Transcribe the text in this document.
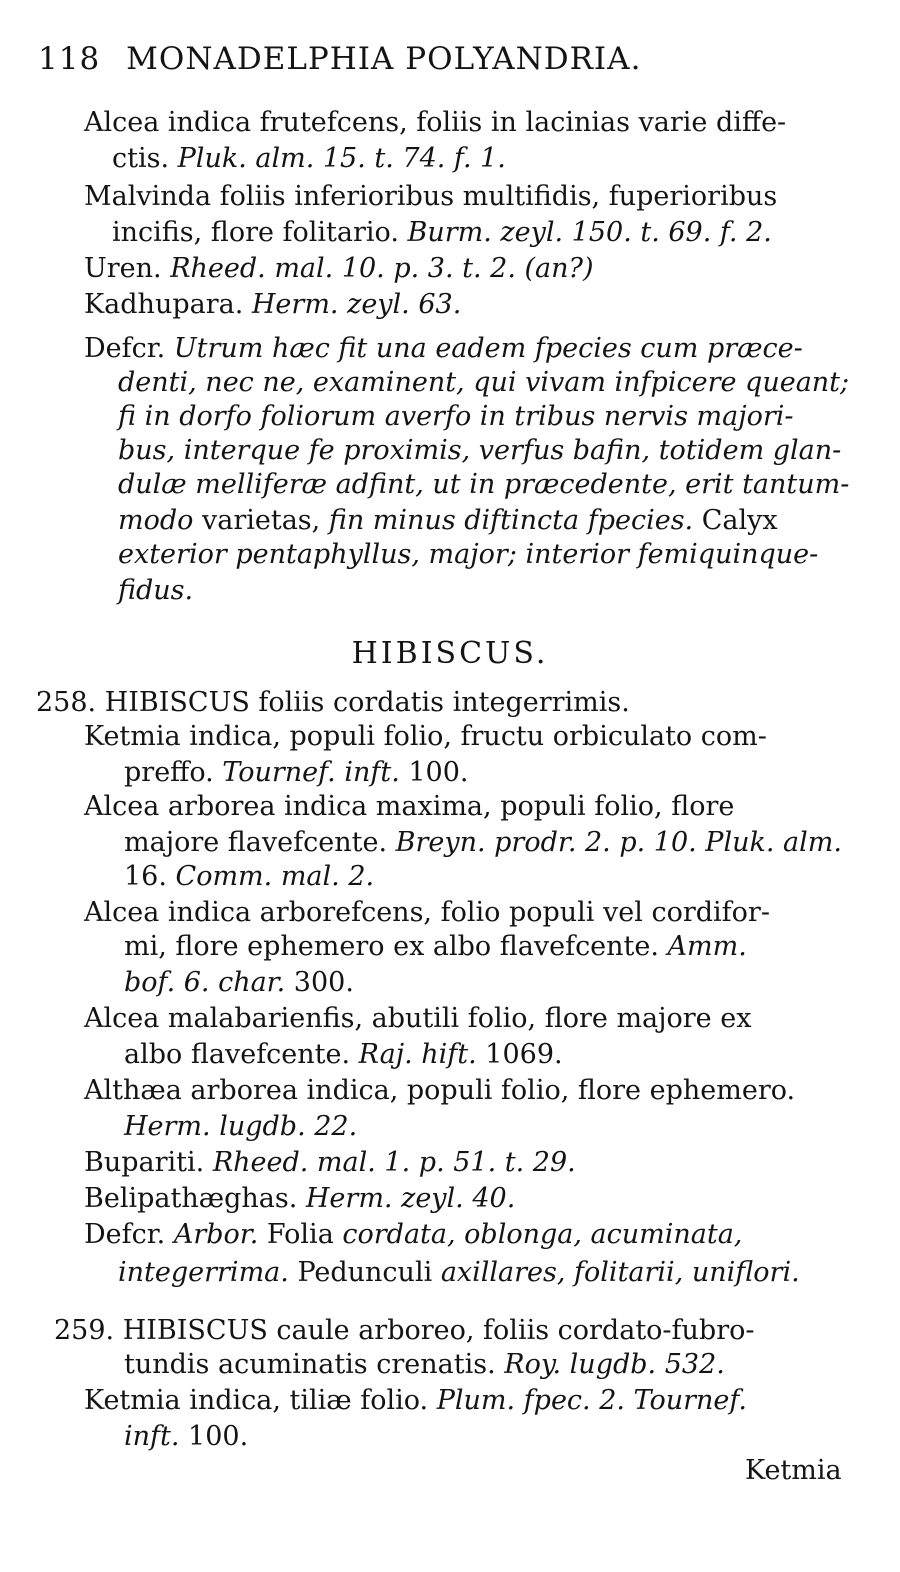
118 MONADELPHIA POLYANDRIA.
Alcea indica frutefcens, foliis in lacinias varie diffe-
ctis. Pluk. alm. 15. t. 74. f. 1.
Malvinda foliis inferioribus multifidis, fuperioribus
incifis, flore folitario. Burm. zeyl. 150. t. 69. f. 2.
Uren. Rheed. mal. 10. p. 3. t. 2. (an?)
Kadhupara. Herm. zeyl. 63.
Defcr. Utrum hæc fit una eadem fpecies cum præce-
denti, nec ne, examinent, qui vivam infpicere queant;
fi in dorfo foliorum averfo in tribus nervis majori-
bus, interque fe proximis, verfus bafin, totidem glan-
dulæ melliferæ adfint, ut in præcedente, erit tantum-
modo varietas, fin minus diftincta fpecies. Calyx
exterior pentaphyllus, major; interior femiquinque-
fidus.
258. HIBISCUS foliis cordatis integerrimis.
Ketmia indica, populi folio, fructu orbiculato com-
preffo. Tournef. inft. 100.
Alcea arborea indica maxima, populi folio, flore
majore flavefcente. Breyn. prodr. 2. p. 10. Pluk. alm.
16. Comm. mal. 2.
Alcea indica arborefcens, folio populi vel cordifor-
mi, flore ephemero ex albo flavefcente. Amm.
bof. 6. char. 300.
Alcea malabarienfis, abutili folio, flore majore ex
albo flavefcente. Raj. hift. 1069.
Althæa arborea indica, populi folio, flore ephemero.
Herm. lugdb. 22.
Bupariti. Rheed. mal. 1. p. 51. t. 29.
Belipathæghas. Herm. zeyl. 40.
Defcr. Arbor. Folia cordata, oblonga, acuminata,
integerrima. Pedunculi axillares, folitarii, uniflori.
259. HIBISCUS caule arboreo, foliis cordato-fubro-
tundis acuminatis crenatis. Roy. lugdb. 532.
Ketmia indica, tiliæ folio. Plum. fpec. 2. Tournef.
inft. 100.
HIBISCUS.
Ketmia
